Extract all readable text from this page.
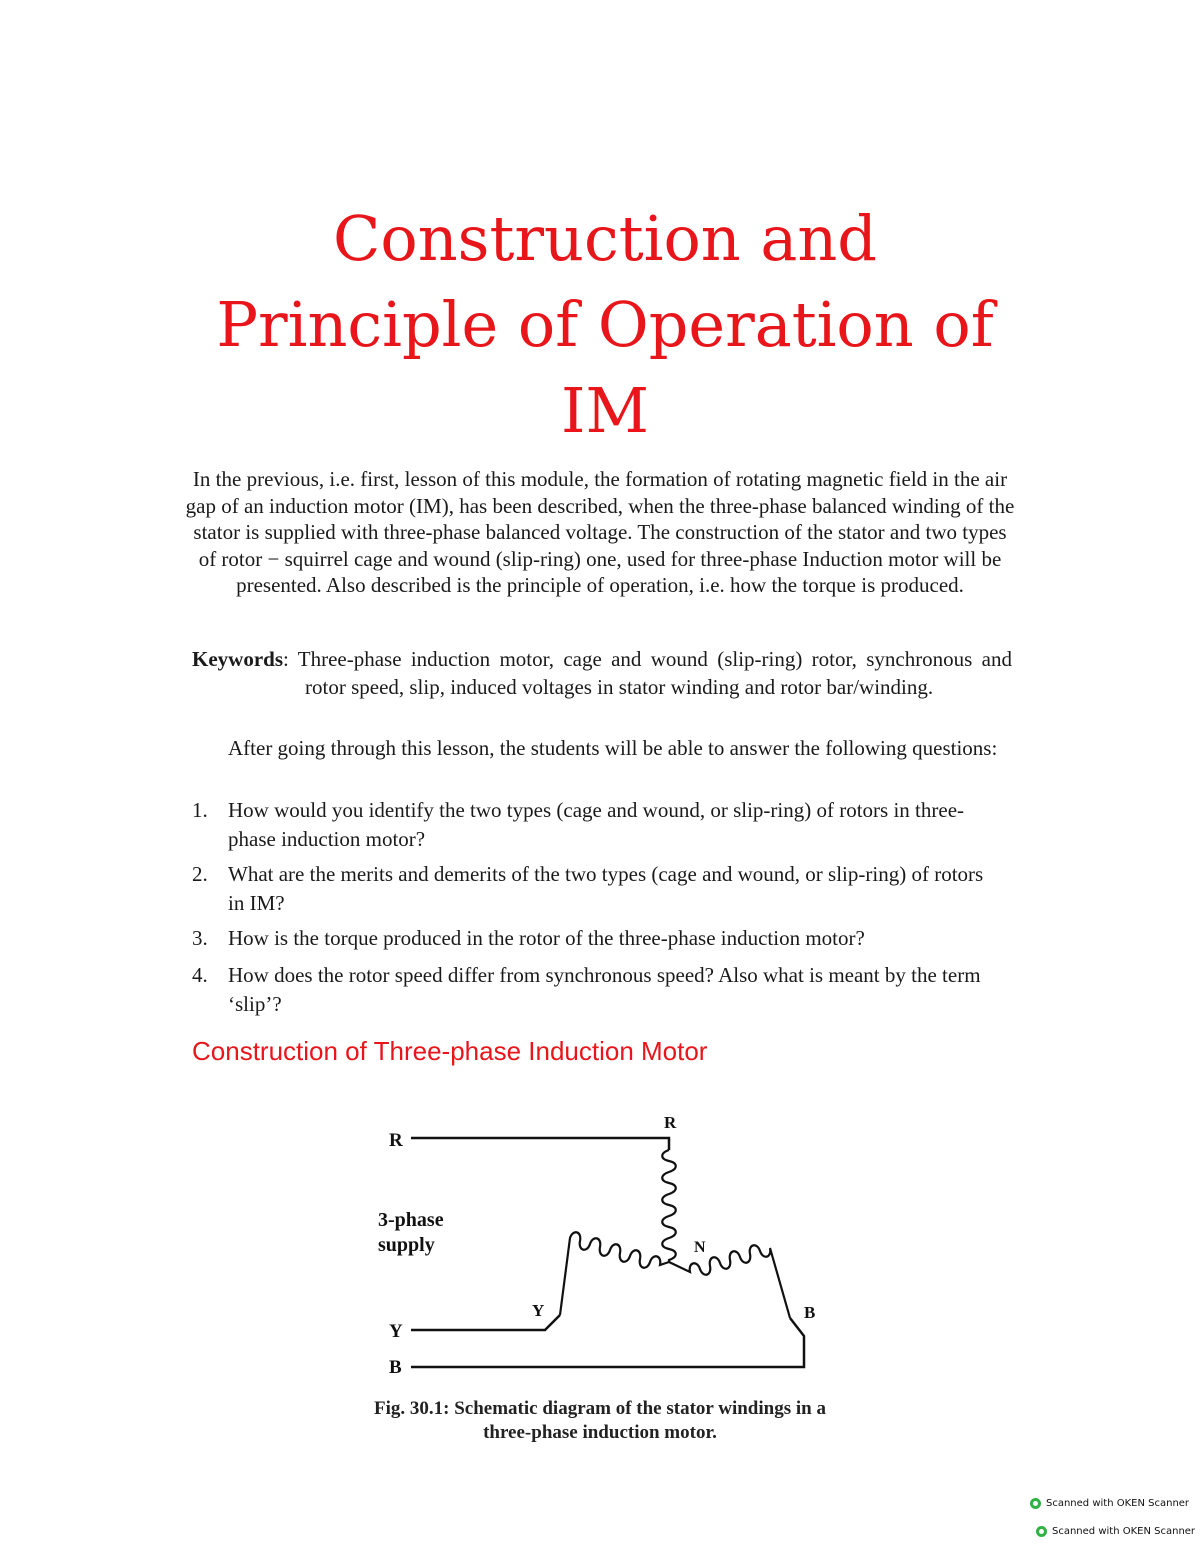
Construction and
Principle of Operation of
IM

In the previous, i.e. first, lesson of this module, the formation of rotating magnetic field in the air gap of an induction motor (IM), has been described, when the three-phase balanced winding of the stator is supplied with three-phase balanced voltage. The construction of the stator and two types of rotor − squirrel cage and wound (slip-ring) one, used for three-phase Induction motor will be presented. Also described is the principle of operation, i.e. how the torque is produced.

Keywords: Three-phase induction motor, cage and wound (slip-ring) rotor, synchronous and rotor speed, slip, induced voltages in stator winding and rotor bar/winding.

After going through this lesson, the students will be able to answer the following questions:

1. How would you identify the two types (cage and wound, or slip-ring) of rotors in three-phase induction motor?
2. What are the merits and demerits of the two types (cage and wound, or slip-ring) of rotors in IM?
3. How is the torque produced in the rotor of the three-phase induction motor?
4. How does the rotor speed differ from synchronous speed? Also what is meant by the term ‘slip’?
Construction of Three-phase Induction Motor
R
Y
B
3-phase
supply
R
Y	B
N

Fig. 30.1: Schematic diagram of the stator windings in a
three-phase induction motor.

Scanned with OKEN Scanner
Scanned with OKEN Scanner
